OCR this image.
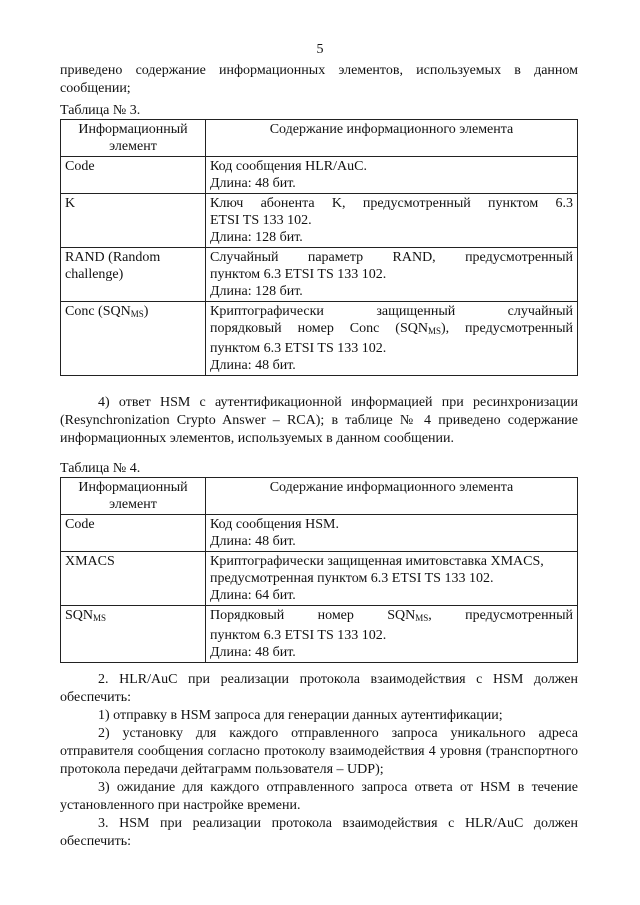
5

приведено содержание информационных элементов, используемых в данном сообщении;

Таблица № 3.
Информационный элемент	Содержание информационного элемента
Code	Код сообщения HLR/AuC.
Длина: 48 бит.

K	Ключ абонента K, предусмотренный пунктом 6.3
ETSI TS 133 102.
Длина: 128 бит.

RAND (Random challenge)	Случайный параметр RAND, предусмотренный
пунктом 6.3 ETSI TS 133 102.
Длина: 128 бит.

Conc $(SQN_{MS})$	Криптографически защищенный случайный
порядковый номер Conc $(SQN_{MS})$, предусмотренный
пунктом 6.3 ETSI TS 133 102.
Длина: 48 бит.

4) ответ HSM с аутентификационной информацией при ресинхронизации (Resynchronization Crypto Answer – RCA); в таблице № 4 приведено содержание информационных элементов, используемых в данном сообщении.

Таблица № 4.
Информационный элемент	Содержание информационного элемента
Code	Код сообщения HSM.
Длина: 48 бит.

XMACS	Криптографически защищенная имитовставка XMACS,
предусмотренная пунктом 6.3 ETSI TS 133 102.
Длина: 64 бит.

$SQN_{MS}$	Порядковый номер $SQN_{MS}$, предусмотренный
пунктом 6.3 ETSI TS 133 102.
Длина: 48 бит.

2. HLR/AuC при реализации протокола взаимодействия с HSM должен обеспечить:

1) отправку в HSM запроса для генерации данных аутентификации;

2) установку для каждого отправленного запроса уникального адреса отправителя сообщения согласно протоколу взаимодействия 4 уровня (транспортного протокола передачи дейтаграмм пользователя – UDP);

3) ожидание для каждого отправленного запроса ответа от HSM в течение установленного при настройке времени.

3. HSM при реализации протокола взаимодействия с HLR/AuC должен обеспечить:
